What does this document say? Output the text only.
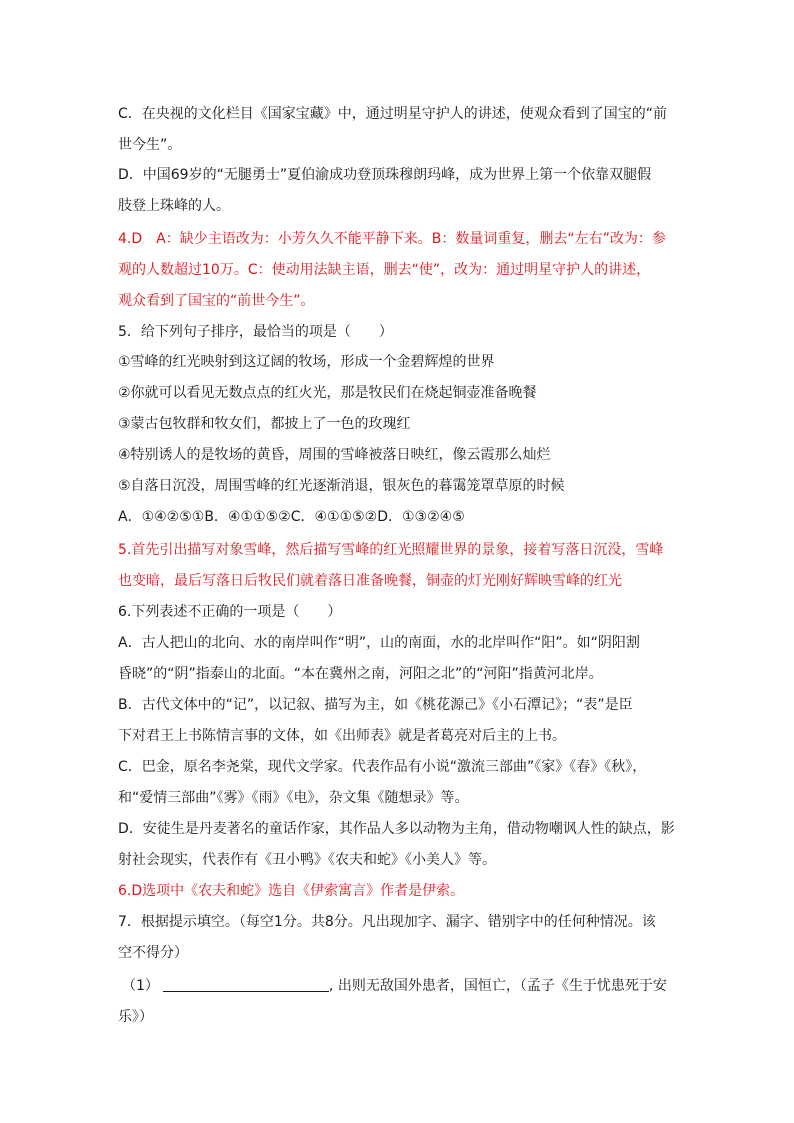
C．在央视的文化栏目《国家宝藏》中，通过明星守护人的讲述，使观众看到了国宝的“前
世今生”。
D．中国69岁的“无腿勇士”夏伯渝成功登顶珠穆朗玛峰，成为世界上第一个依靠双腿假
肢登上珠峰的人。
4.D　A：缺少主语改为：小芳久久不能平静下来。B：数量词重复，删去“左右”改为：参
观的人数超过10万。C：使动用法缺主语，删去“使”，改为：通过明星守护人的讲述，
观众看到了国宝的“前世今生”。
5．给下列句子排序，最恰当的项是（　　）
①雪峰的红光映射到这辽阔的牧场，形成一个金碧辉煌的世界
②你就可以看见无数点点的红火光，那是牧民们在烧起铜壶准备晚餐
③蒙古包牧群和牧女们，都披上了一色的玫瑰红
④特别诱人的是牧场的黄昏，周围的雪峰被落日映红，像云霞那么灿烂
⑤自落日沉没，周围雪峰的红光逐渐消退，银灰色的暮霭笼罩草原的时候
A．①④②⑤①B．④①①⑤②C．④①①⑤②D．①③②④⑤
5.首先引出描写对象雪峰，然后描写雪峰的红光照耀世界的景象，接着写落日沉没，雪峰
也变暗，最后写落日后牧民们就着落日准备晚餐，铜壶的灯光刚好辉映雪峰的红光
6.下列表述不正确的一项是（　　）
A．古人把山的北向、水的南岸叫作“明”，山的南面，水的北岸叫作“阳”。如“阴阳割
昏晓”的“阴”指泰山的北面。“本在冀州之南，河阳之北”的“河阳”指黄河北岸。
B．古代文体中的“记”，以记叙、描写为主，如《桃花源己》《小石潭记》；“表”是臣
下对君王上书陈情言事的文体，如《出师表》就是者葛亮对后主的上书。
C．巴金，原名李尧棠，现代文学家。代表作品有小说“激流三部曲”《家》《春》《秋》，
和“爱情三部曲”《雾》《雨》《电》，杂文集《随想录》等。
D．安徒生是丹麦著名的童话作家，其作品人多以动物为主角，借动物嘲讽人性的缺点，影
射社会现实，代表作有《丑小鸭》《农夫和蛇》《小美人》等。
6.D选项中《农夫和蛇》选自《伊索寓言》作者是伊索。
7．根据提示填空。（每空1分。共8分。凡出现加字、漏字、错别字中的任何种情况。该
空不得分）
（1）	, 出则无敌国外患者，国恒亡，（孟子《生于忧患死于安
乐》）
